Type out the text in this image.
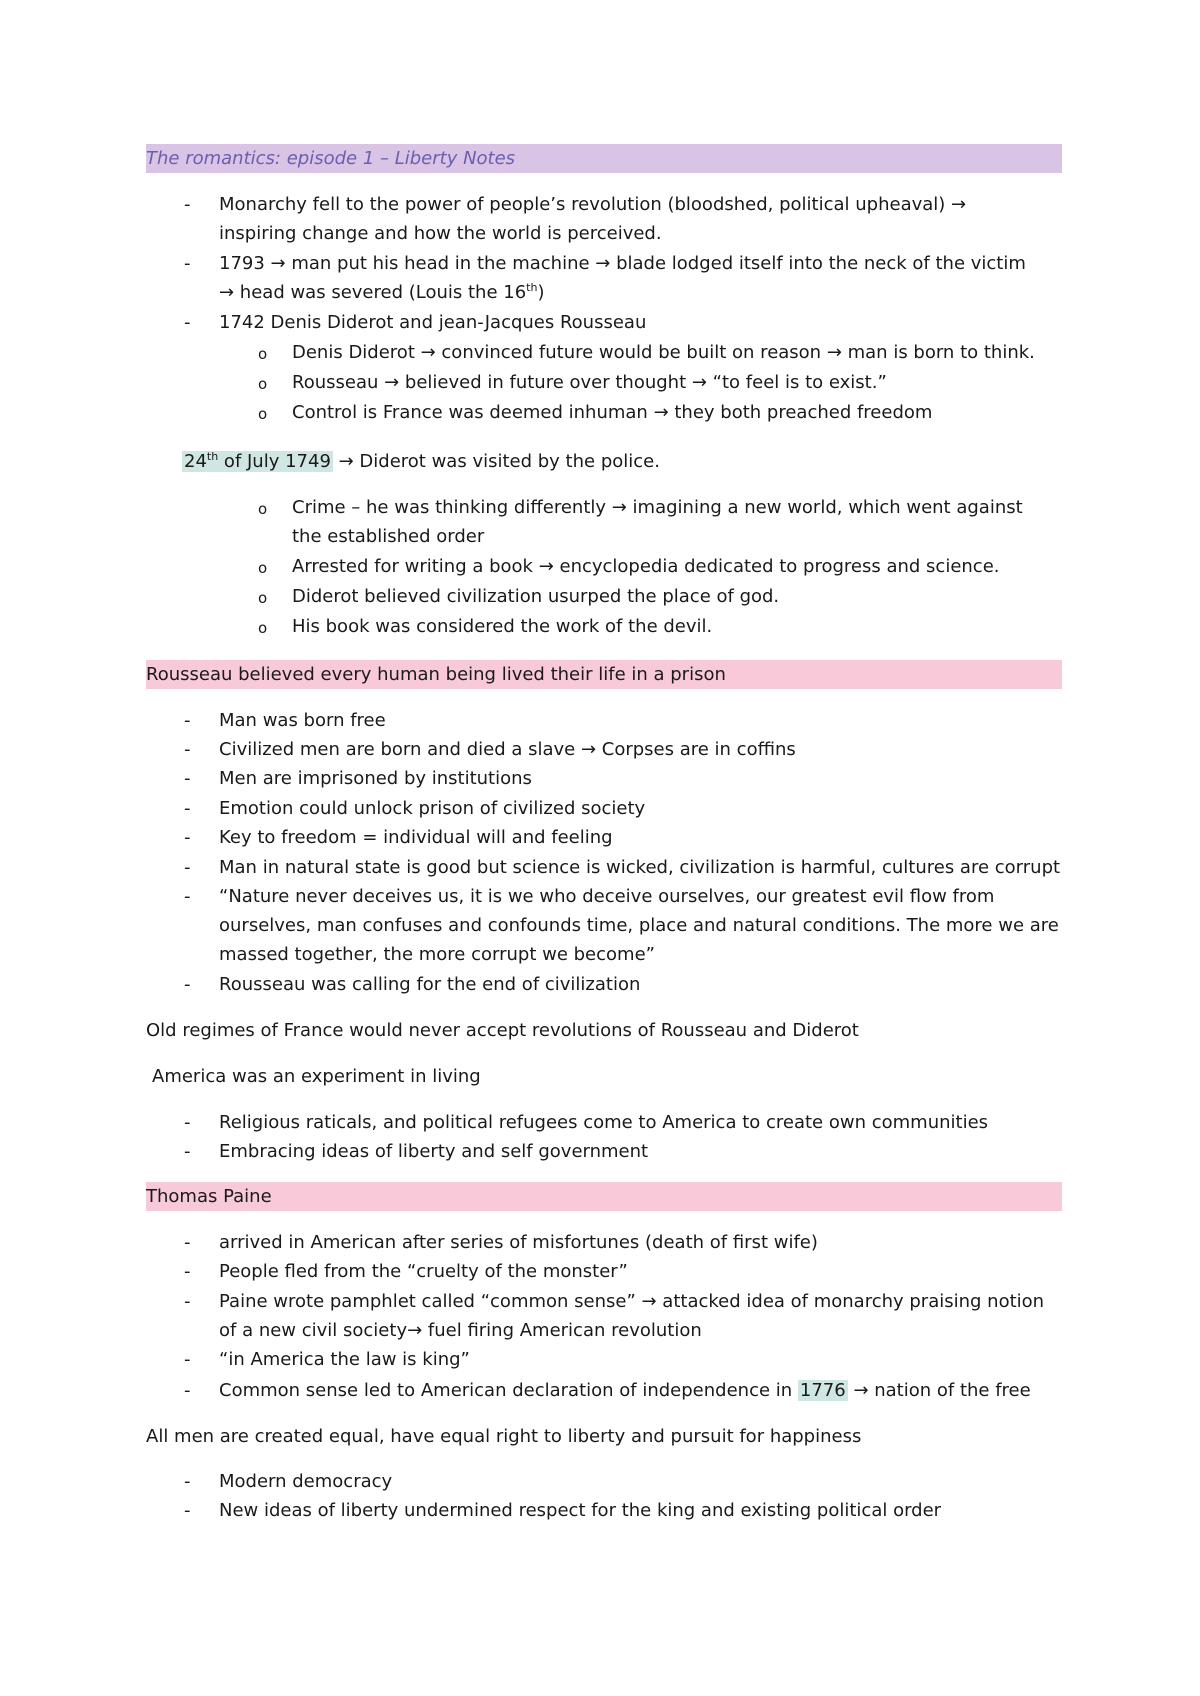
The romantics: episode 1 – Liberty Notes
- Monarchy fell to the power of people’s revolution (bloodshed, political upheaval) →
inspiring change and how the world is perceived.
- 1793 → man put his head in the machine → blade lodged itself into the neck of the victim
→ head was severed (Louis the 16th)
- 1742 Denis Diderot and jean-Jacques Rousseau
o Denis Diderot → convinced future would be built on reason → man is born to think.
o Rousseau → believed in future over thought → “to feel is to exist.”
o Control is France was deemed inhuman → they both preached freedom
24th of July 1749 → Diderot was visited by the police.
o Crime – he was thinking differently → imagining a new world, which went against
the established order
o Arrested for writing a book → encyclopedia dedicated to progress and science.
o Diderot believed civilization usurped the place of god.
o His book was considered the work of the devil.
Rousseau believed every human being lived their life in a prison
- Man was born free
- Civilized men are born and died a slave → Corpses are in coffins
- Men are imprisoned by institutions
- Emotion could unlock prison of civilized society
- Key to freedom = individual will and feeling
- Man in natural state is good but science is wicked, civilization is harmful, cultures are corrupt
- “Nature never deceives us, it is we who deceive ourselves, our greatest evil flow from
ourselves, man confuses and confounds time, place and natural conditions. The more we are
massed together, the more corrupt we become”
- Rousseau was calling for the end of civilization
Old regimes of France would never accept revolutions of Rousseau and Diderot
America was an experiment in living
- Religious raticals, and political refugees come to America to create own communities
- Embracing ideas of liberty and self government
Thomas Paine
- arrived in American after series of misfortunes (death of first wife)
- People fled from the “cruelty of the monster”
- Paine wrote pamphlet called “common sense” → attacked idea of monarchy praising notion
of a new civil society→ fuel firing American revolution
- “in America the law is king”
- Common sense led to American declaration of independence in 1776 → nation of the free
All men are created equal, have equal right to liberty and pursuit for happiness
- Modern democracy
- New ideas of liberty undermined respect for the king and existing political order
